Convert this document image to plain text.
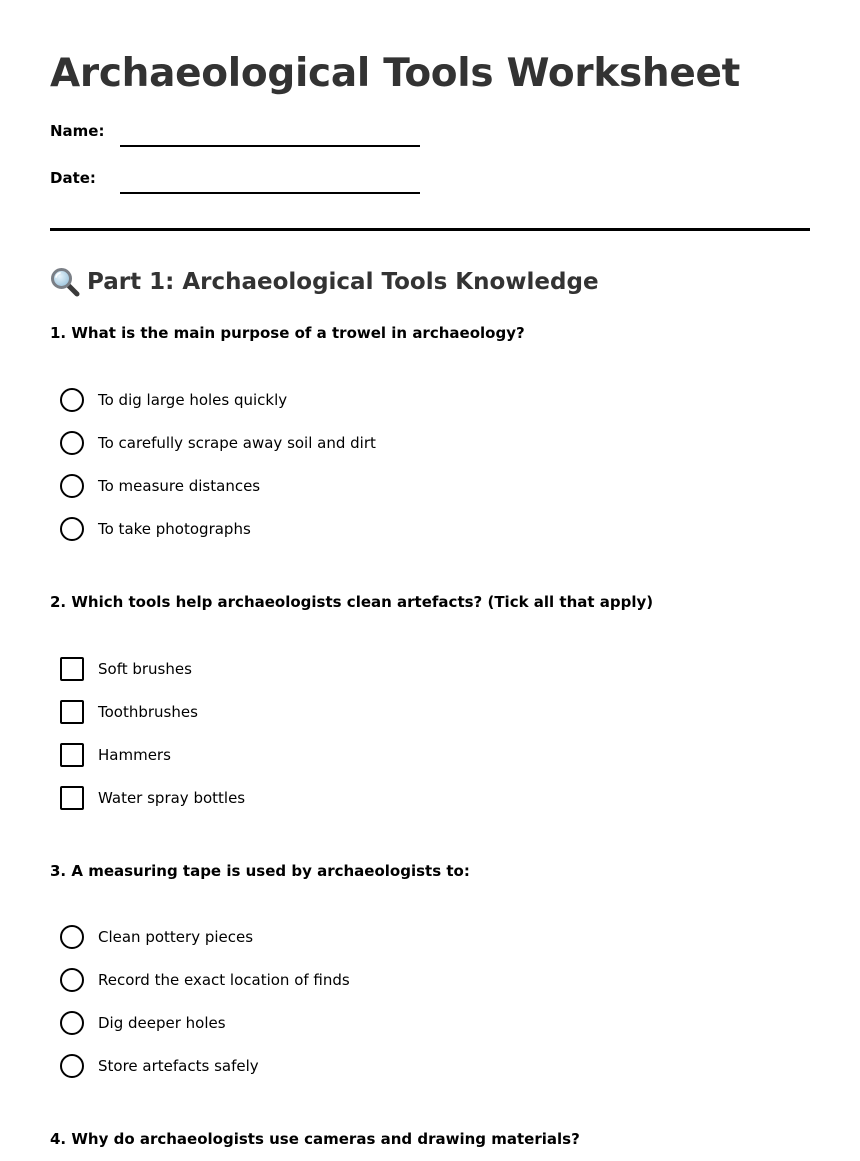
Archaeological Tools Worksheet
Name:
Date:
Part 1: Archaeological Tools Knowledge

1. What is the main purpose of a trowel in archaeology?

To dig large holes quickly
To carefully scrape away soil and dirt
To measure distances
To take photographs

2. Which tools help archaeologists clean artefacts? (Tick all that apply)

Soft brushes
Toothbrushes
Hammers
Water spray bottles

3. A measuring tape is used by archaeologists to:

Clean pottery pieces
Record the exact location of finds
Dig deeper holes
Store artefacts safely

4. Why do archaeologists use cameras and drawing materials?
